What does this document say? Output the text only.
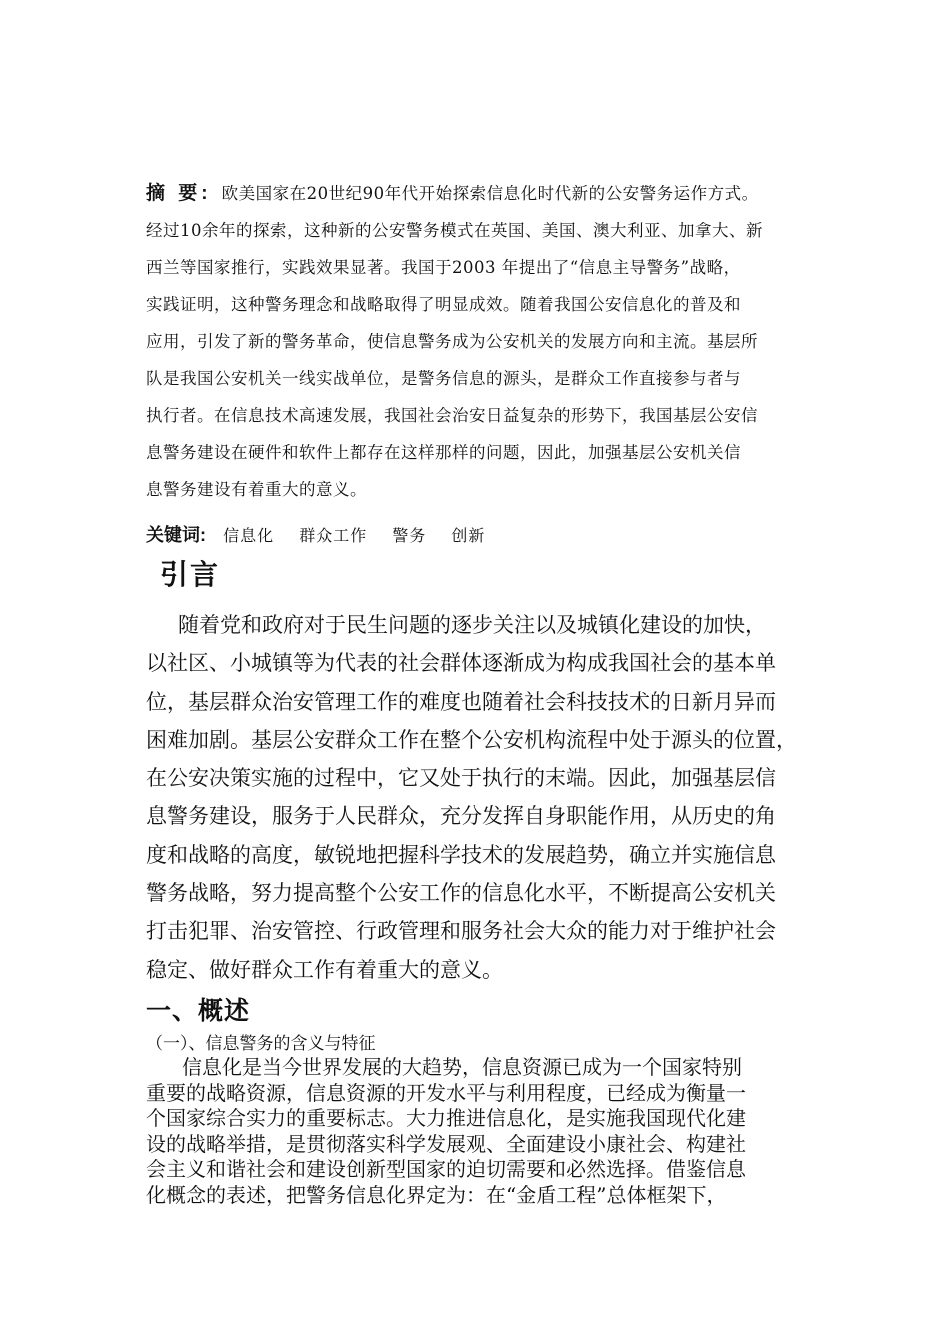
摘 要: 欧美国家在20世纪90年代开始探索信息化时代新的公安警务运作方式。
经过10余年的探索，这种新的公安警务模式在英国、美国、澳大利亚、加拿大、新
西兰等国家推行，实践效果显著。我国于2003 年提出了“信息主导警务”战略，
实践证明，这种警务理念和战略取得了明显成效。随着我国公安信息化的普及和
应用，引发了新的警务革命，使信息警务成为公安机关的发展方向和主流。基层所
队是我国公安机关一线实战单位，是警务信息的源头，是群众工作直接参与者与
执行者。在信息技术高速发展，我国社会治安日益复杂的形势下，我国基层公安信
息警务建设在硬件和软件上都存在这样那样的问题，因此，加强基层公安机关信
息警务建设有着重大的意义。
关键词: 信息化 群众工作 警务 创新
引言
随着党和政府对于民生问题的逐步关注以及城镇化建设的加快，
以社区、小城镇等为代表的社会群体逐渐成为构成我国社会的基本单
位，基层群众治安管理工作的难度也随着社会科技技术的日新月异而
困难加剧。基层公安群众工作在整个公安机构流程中处于源头的位置，
在公安决策实施的过程中，它又处于执行的末端。因此，加强基层信
息警务建设，服务于人民群众，充分发挥自身职能作用，从历史的角
度和战略的高度，敏锐地把握科学技术的发展趋势，确立并实施信息
警务战略，努力提高整个公安工作的信息化水平，不断提高公安机关
打击犯罪、治安管控、行政管理和服务社会大众的能力对于维护社会
稳定、做好群众工作有着重大的意义。
一、概述
（一）、信息警务的含义与特征
信息化是当今世界发展的大趋势，信息资源已成为一个国家特别
重要的战略资源，信息资源的开发水平与利用程度，已经成为衡量一
个国家综合实力的重要标志。大力推进信息化，是实施我国现代化建
设的战略举措，是贯彻落实科学发展观、全面建设小康社会、构建社
会主义和谐社会和建设创新型国家的迫切需要和必然选择。借鉴信息
化概念的表述，把警务信息化界定为：在“金盾工程”总体框架下，
